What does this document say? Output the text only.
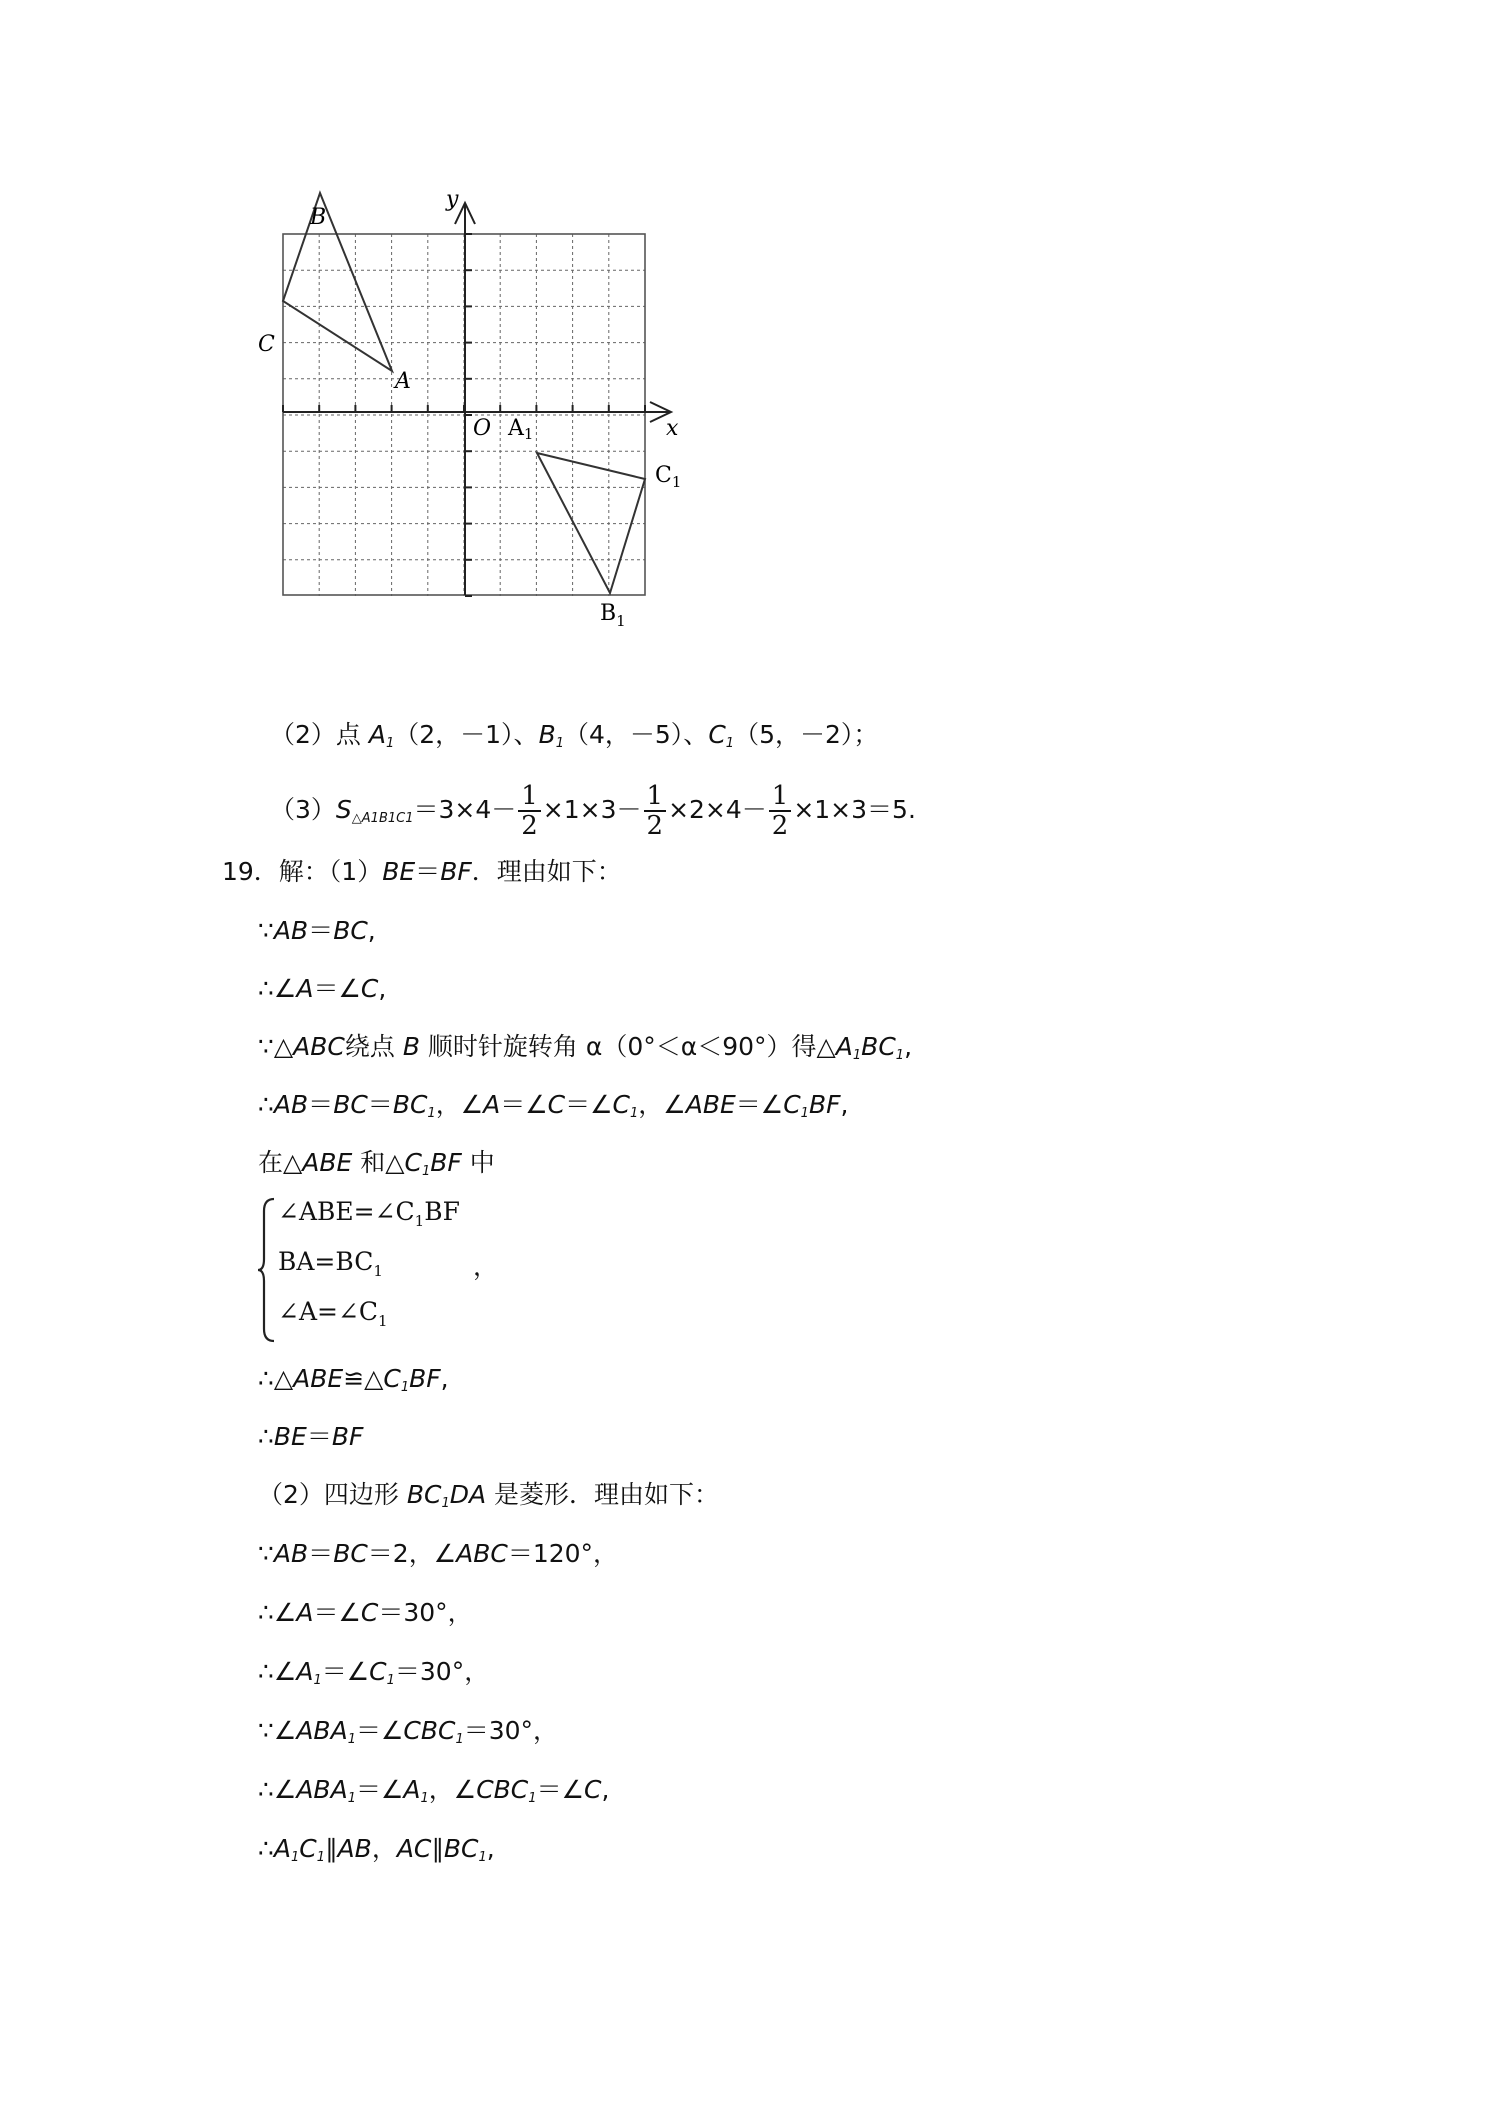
B
C
A
y
x
O A1
$C_1$
$B_1$
（2）点 $A_1(2$，－1）、$B_1(4$，－5）、$C_1(5$，－2）；
$(3)S_{\triangle A1B1C1}=3\times 4- \frac{1}{2} \times 1\times 3- \frac{1}{2} \times 2\times 4- \frac{1}{2} \times 1\times 3=5$.
19．解：（1）BE＝BF．理由如下：
∵AB＝BC,
∴∠A＝∠C,
∵△ABC绕点 B 顺时针旋转角 α（0°＜α＜90°）得$\triangle A_1BC_1$,
$\therefore AB=BC=BC_1$，$\angle A=\angle C=\angle C_1$，$\angle ABE=\angle C_1BF$,
在△ABE 和$\triangle C_1BF$ 中
$\angle ABE=\angle C_1BF$
$BA=BC_1$
$\angle A=\angle C_1$
，
$\therefore\triangle ABE≌\triangle C_1BF$,
∴BE＝BF
（2）四边形 $BC_1DA$ 是菱形．理由如下：
∵AB＝BC＝2，∠ABC＝120°，
∴∠A＝∠C＝30°，
$\therefore\angle A_1=\angle C_1=30^\circ$，
$\because\angle ABA_1=\angle CBC_1=30^\circ$，
$\therefore\angle ABA_1=\angle A_1$，$\angle CBC_1=\angle C$,
$\therefore A_1C_1\parallel AB$，$AC\parallel BC_1$,
